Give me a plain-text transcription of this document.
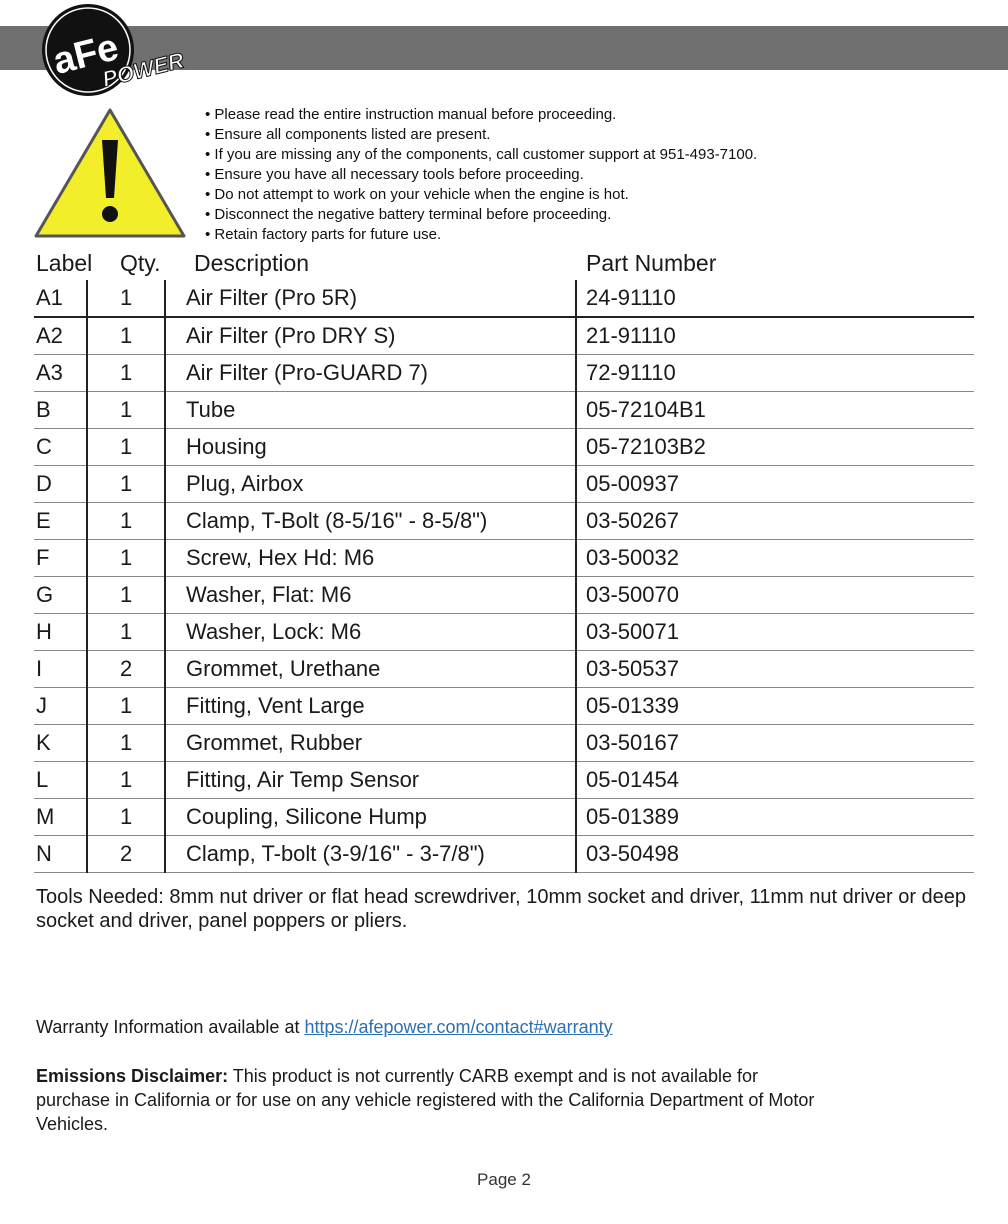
aFe
POWER
• Please read the entire instruction manual before proceeding.
• Ensure all components listed are present.
• If you are missing any of the components, call customer support at 951-493-7100.
• Ensure you have all necessary tools before proceeding.
• Do not attempt to work on your vehicle when the engine is hot.
• Disconnect the negative battery terminal before proceeding.
• Retain factory parts for future use.
Label Qty. Description	Part Number
A1	1 Air Filter (Pro 5R)	24-91110
A2	1 Air Filter (Pro DRY S)	21-91110
A3	1 Air Filter (Pro-GUARD 7)	72-91110
B	1 Tube	05-72104B1
C	1 Housing	05-72103B2
D	1 Plug, Airbox	05-00937
E	1 Clamp, T-Bolt (8-5/16" - 8-5/8")	03-50267
F	1 Screw, Hex Hd: M6	03-50032
G	1 Washer, Flat: M6	03-50070
H	1 Washer, Lock: M6	03-50071
I	2 Grommet, Urethane	03-50537
J	1 Fitting, Vent Large	05-01339
K	1 Grommet, Rubber	03-50167
L	1 Fitting, Air Temp Sensor	05-01454
M	1 Coupling, Silicone Hump	05-01389
N	2 Clamp, T-bolt (3-9/16" - 3-7/8")	03-50498

Tools Needed: 8mm nut driver or flat head screwdriver, 10mm socket and driver, 11mm nut driver or deep socket and driver, panel poppers or pliers.

Warranty Information available at https://afepower.com/contact#warranty

Emissions Disclaimer: This product is not currently CARB exempt and is not available for purchase in California or for use on any vehicle registered with the California Department of Motor Vehicles.

Page 2
